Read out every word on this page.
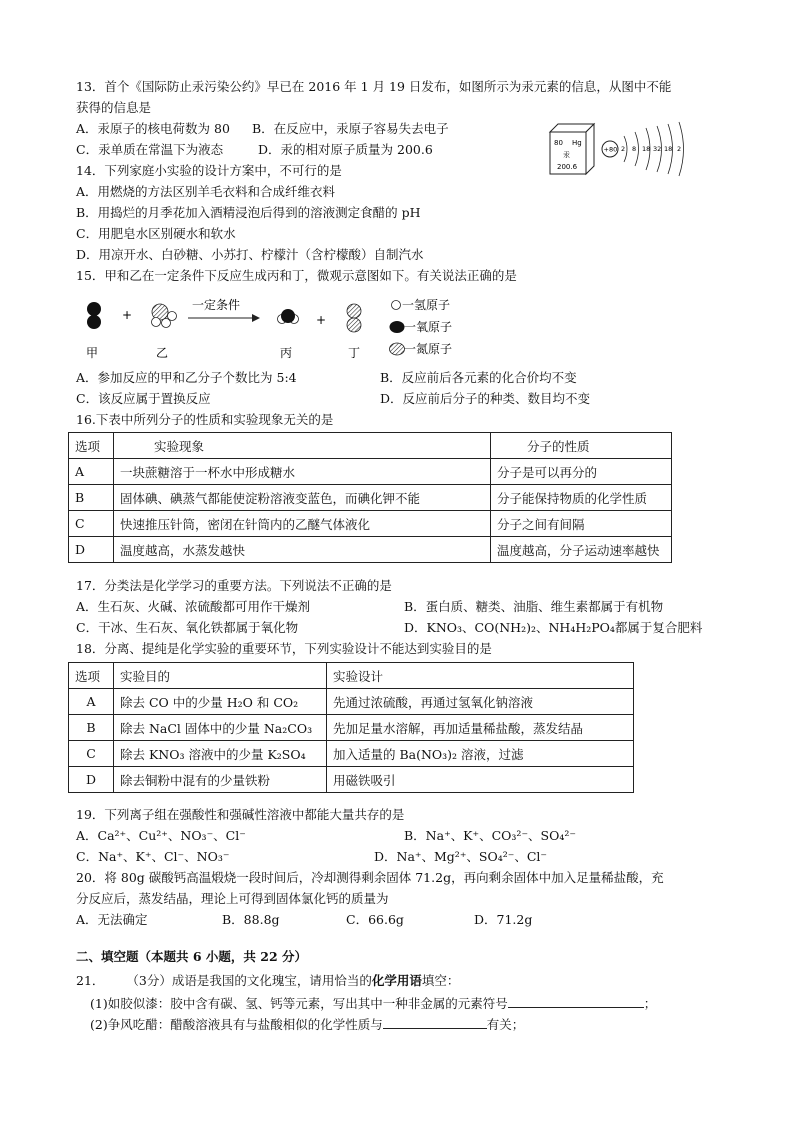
13．首个《国际防止汞污染公约》早已在 2016 年 1 月 19 日发布，如图所示为汞元素的信息，从图中不能
获得的信息是
A．汞原子的核电荷数为 80 B．在反应中，汞原子容易失去电子
C．汞单质在常温下为液态	D．汞的相对原子质量为 200.6	80 Hg
汞
200.6
+80 2 8 18 32 18 2
14．下列家庭小实验的设计方案中，不可行的是
A．用燃烧的方法区别羊毛衣料和合成纤维衣料
B．用捣烂的月季花加入酒精浸泡后得到的溶液测定食醋的 pH
C．用肥皂水区别硬水和软水
D．用凉开水、白砂糖、小苏打、柠檬汁（含柠檬酸）自制汽水
15．甲和乙在一定条件下反应生成丙和丁，微观示意图如下。有关说法正确的是
+
一定条件
+
一氢原子
一氧原子
一氮原子
甲	乙	丙	丁
A．参加反应的甲和乙分子个数比为 5:4	B．反应前后各元素的化合价均不变
C．该反应属于置换反应	D．反应前后分子的种类、数目均不变
16.下表中所列分子的性质和实验现象无关的是
选项	实验现象	分子的性质
A	一块蔗糖溶于一杯水中形成糖水	分子是可以再分的
B	固体碘、碘蒸气都能使淀粉溶液变蓝色，而碘化钾不能	分子能保持物质的化学性质
C	快速推压针筒，密闭在针筒内的乙醚气体液化	分子之间有间隔
D	温度越高，水蒸发越快	温度越高，分子运动速率越快
17．分类法是化学学习的重要方法。下列说法不正确的是
A．生石灰、火碱、浓硫酸都可用作干燥剂	B．蛋白质、糖类、油脂、维生素都属于有机物
C．干冰、生石灰、氧化铁都属于氧化物	D．KNO₃、CO(NH₂)₂、NH₄H₂PO₄都属于复合肥料
18．分离、提纯是化学实验的重要环节，下列实验设计不能达到实验目的是
选项	实验目的	实验设计
A	除去 CO 中的少量 H₂O 和 CO₂	先通过浓硫酸，再通过氢氧化钠溶液
B	除去 NaCl 固体中的少量 Na₂CO₃	先加足量水溶解，再加适量稀盐酸，蒸发结晶
C	除去 KNO₃ 溶液中的少量 K₂SO₄	加入适量的 Ba(NO₃)₂ 溶液，过滤
D	除去铜粉中混有的少量铁粉	用磁铁吸引
19．下列离子组在强酸性和强碱性溶液中都能大量共存的是
A．Ca²⁺、Cu²⁺、NO₃⁻、Cl⁻	B．Na⁺、K⁺、CO₃²⁻、SO₄²⁻
C．Na⁺、K⁺、Cl⁻、NO₃⁻	D．Na⁺、Mg²⁺、SO₄²⁻、Cl⁻
20．将 80g 碳酸钙高温煅烧一段时间后，冷却测得剩余固体 71.2g，再向剩余固体中加入足量稀盐酸，充
分反应后，蒸发结晶，理论上可得到固体氯化钙的质量为
A．无法确定	B．88.8g	C．66.6g	D．71.2g
二、填空题（本题共 6 小题，共 22 分）
21． （3分）成语是我国的文化瑰宝，请用恰当的化学用语填空：
(1)如胶似漆：胶中含有碳、氢、钙等元素，写出其中一种非金属的元素符号	；
(2)争风吃醋：醋酸溶液具有与盐酸相似的化学性质与	有关；
